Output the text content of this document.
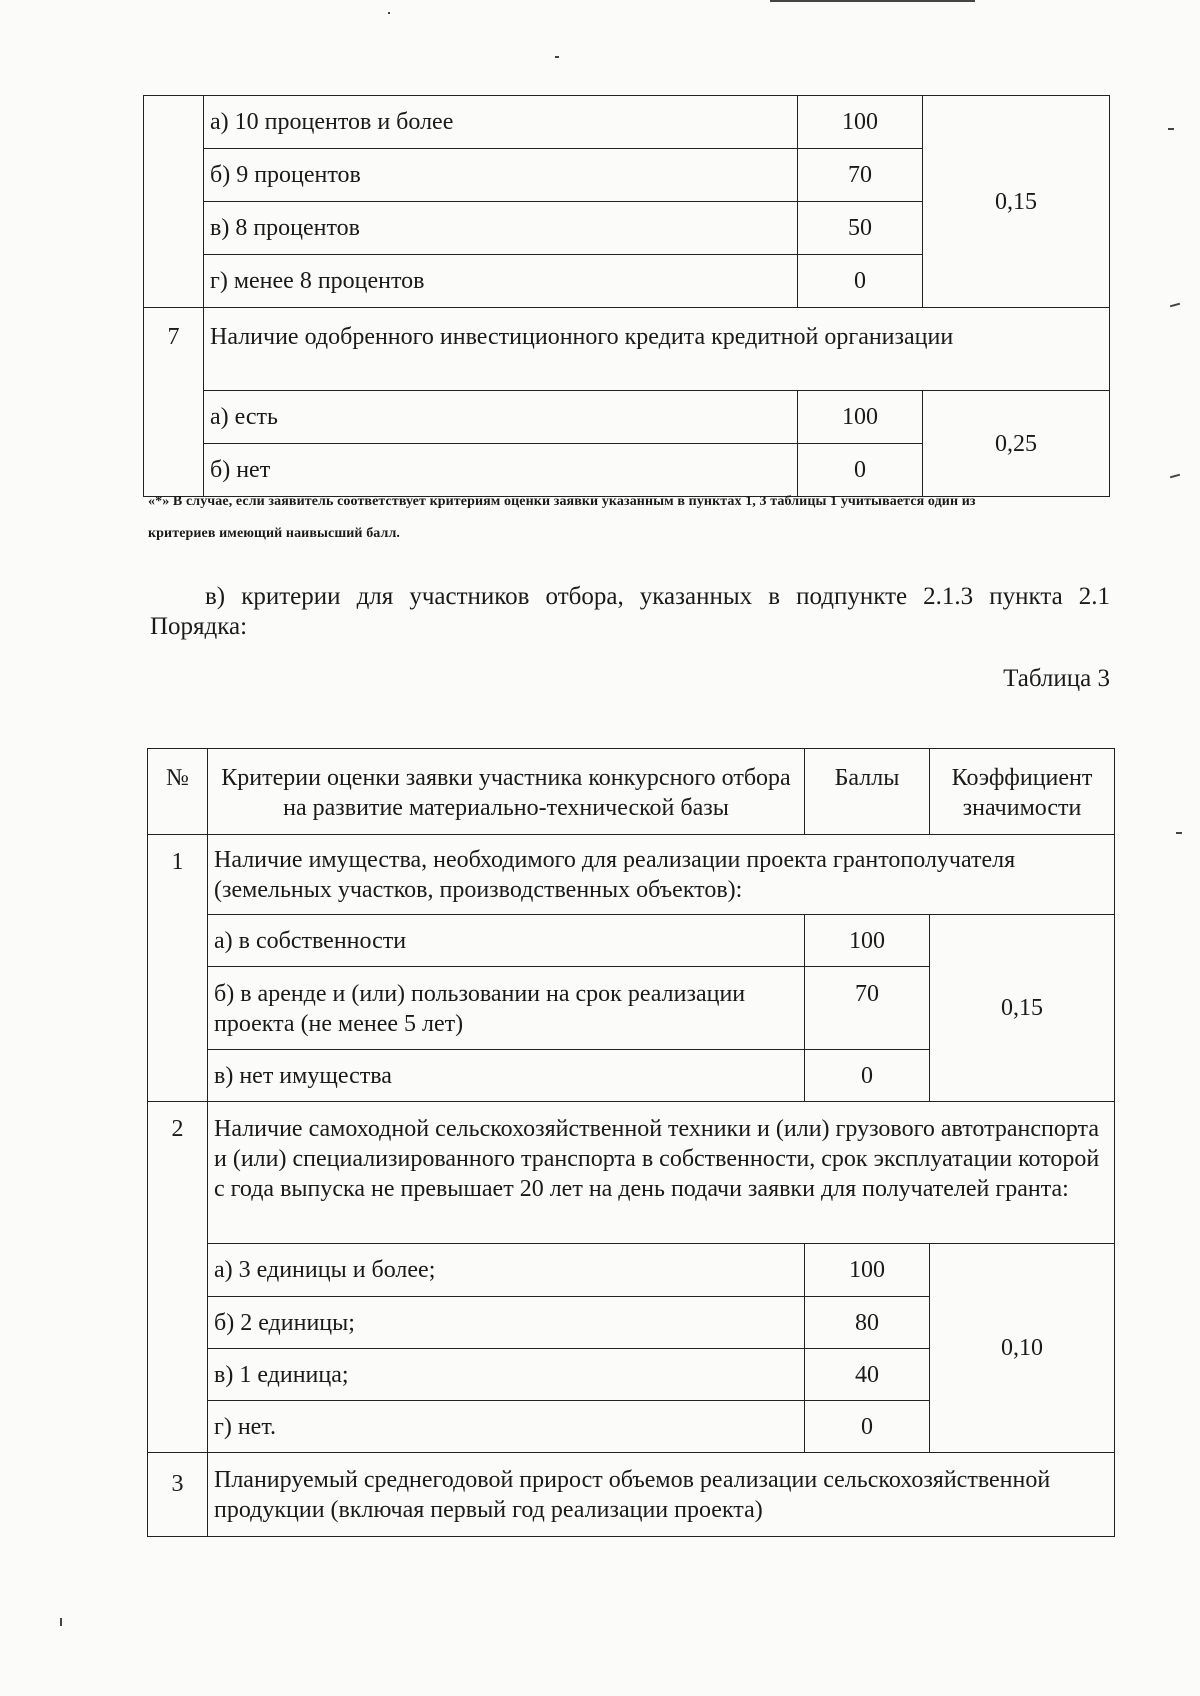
	а) 10 процентов и более	100	0,15
	б) 9 процентов	70	
	в) 8 процентов	50	
	г) менее 8 процентов	0	
7	Наличие одобренного инвестиционного кредита кредитной организации		
	а) есть	100	0,25
	б) нет	0	
«*» В случае, если заявитель соответствует критериям оценки заявки указанным в пунктах 1, 3 таблицы 1 учитывается один из
критериев имеющий наивысший балл.
в) критерии для участников отбора, указанных в подпункте 2.1.3 пункта 2.1
Порядка:
Таблица 3
№	Критерии оценки заявки участника конкурсного отбора на развитие материально-технической базы	Баллы	Коэффициент значимости
1	Наличие имущества, необходимого для реализации проекта грантополучателя (земельных участков, производственных объектов):		
	а) в собственности	100	0,15
	б) в аренде и (или) пользовании на срок реализации проекта (не менее 5 лет)	70	
	в) нет имущества	0	
2	Наличие самоходной сельскохозяйственной техники и (или) грузового автотранспорта и (или) специализированного транспорта в собственности, срок эксплуатации которой с года выпуска не превышает 20 лет на день подачи заявки для получателей гранта:		
	а) 3 единицы и более;	100	0,10
	б) 2 единицы;	80	
	в) 1 единица;	40	
	г) нет.	0	
3	Планируемый среднегодовой прирост объемов реализации сельскохозяйственной продукции (включая первый год реализации проекта)		
